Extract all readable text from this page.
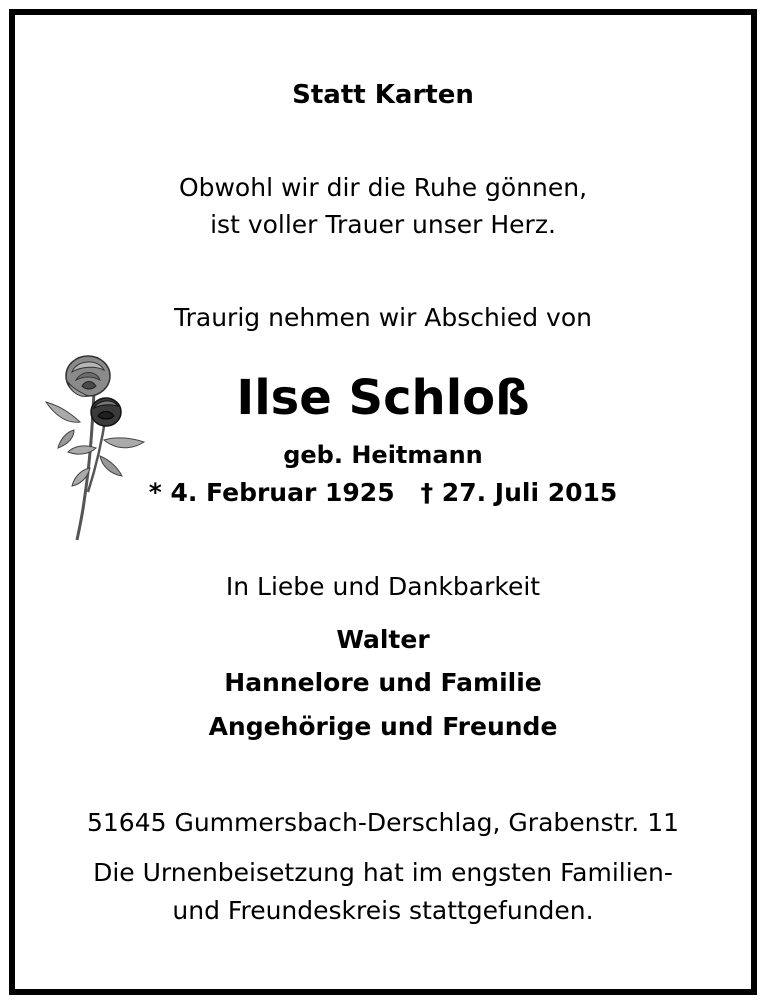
Statt Karten
Obwohl wir dir die Ruhe gönnen,
ist voller Trauer unser Herz.
Traurig nehmen wir Abschied von
Ilse Schloß
geb. Heitmann
* 4. Februar 1925 † 27. Juli 2015
In Liebe und Dankbarkeit
Walter
Hannelore und Familie
Angehörige und Freunde
51645 Gummersbach-Derschlag, Grabenstr. 11
Die Urnenbeisetzung hat im engsten Familien-
und Freundeskreis stattgefunden.
